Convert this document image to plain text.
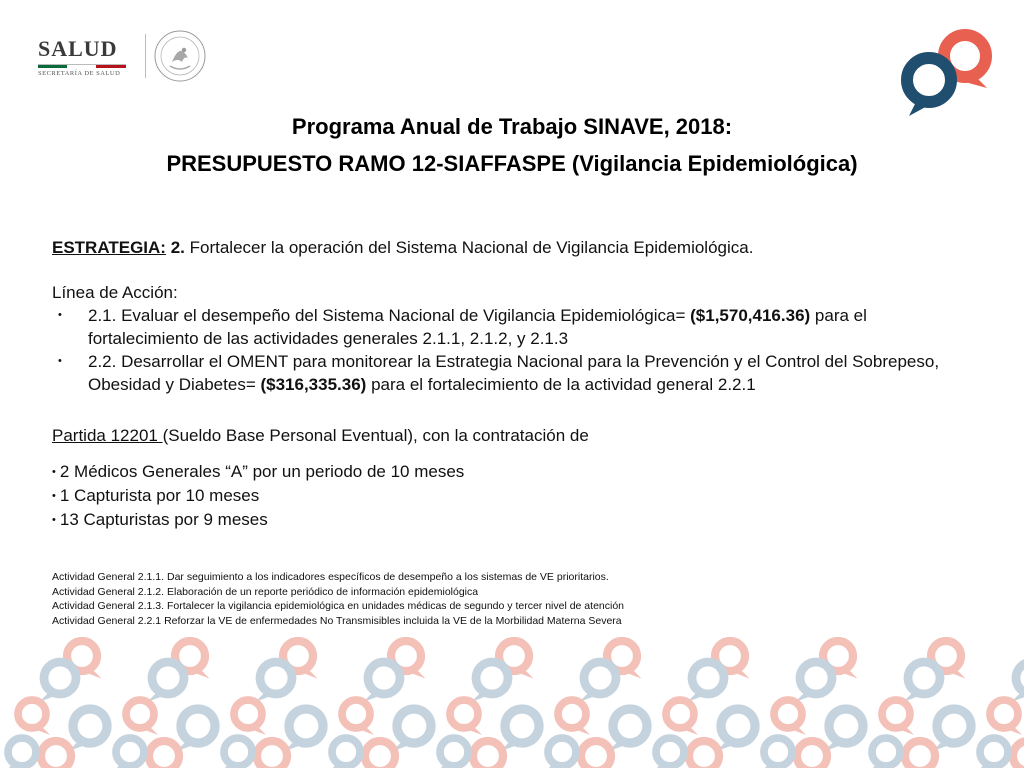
SALUD
SECRETARÍA DE SALUD
Programa Anual de Trabajo SINAVE, 2018:
PRESUPUESTO RAMO 12-SIAFFASPE (Vigilancia Epidemiológica)
ESTRATEGIA: 2. Fortalecer la operación del Sistema Nacional de Vigilancia Epidemiológica.
Línea de Acción:
• 2.1. Evaluar el desempeño del Sistema Nacional de Vigilancia Epidemiológica= ($1,570,416.36) para el fortalecimiento de las actividades generales 2.1.1, 2.1.2, y 2.1.3
• 2.2. Desarrollar el OMENT para monitorear la Estrategia Nacional para la Prevención y el Control del Sobrepeso, Obesidad y Diabetes= ($316,335.36) para el fortalecimiento de la actividad general 2.2.1
Partida 12201 (Sueldo Base Personal Eventual), con la contratación de
• 2 Médicos Generales “A” por un periodo de 10 meses
• 1 Capturista por 10 meses
• 13 Capturistas por 9 meses
Actividad General 2.1.1. Dar seguimiento a los indicadores específicos de desempeño a los sistemas de VE prioritarios.
Actividad General 2.1.2. Elaboración de un reporte periódico de información epidemiológica
Actividad General 2.1.3. Fortalecer la vigilancia epidemiológica en unidades médicas de segundo y tercer nivel de atención
Actividad General 2.2.1 Reforzar la VE de enfermedades No Transmisibles incluida la VE de la Morbilidad Materna Severa
